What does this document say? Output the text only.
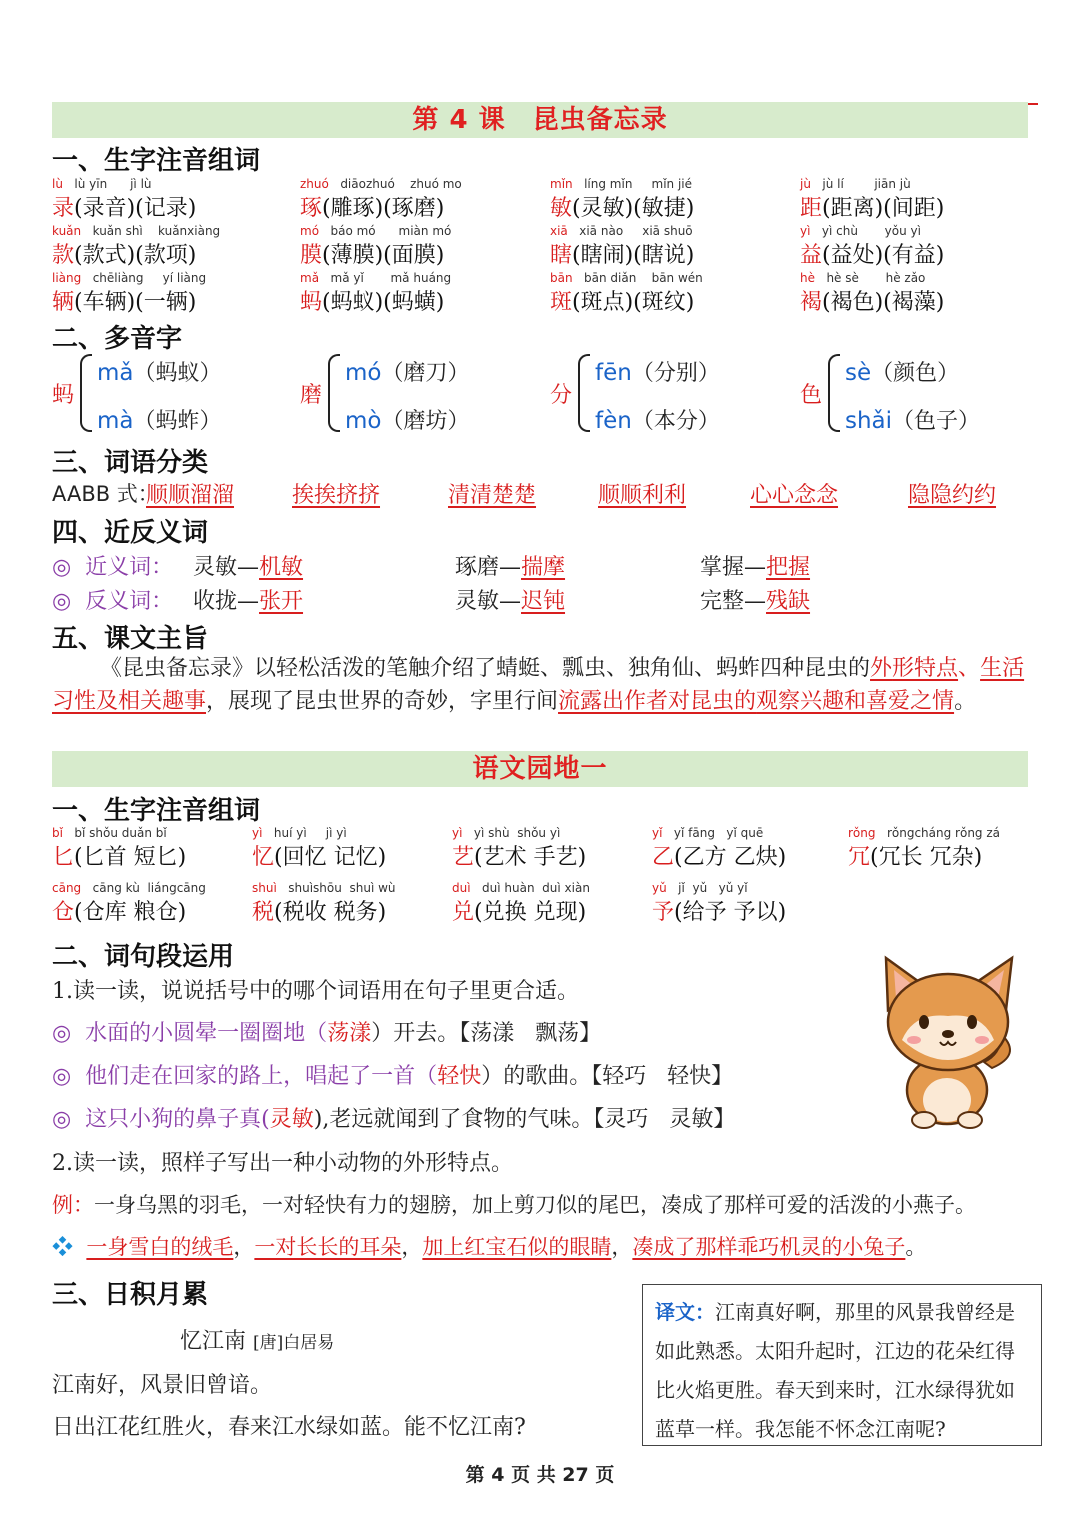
第 4 课　昆虫备忘录
一、生字注音组词
lù lù yīn      jì lù
录(录音)(记录)
zhuó diāozhuó    zhuó mo
琢(雕琢)(琢磨)
mǐn líng mǐn     mǐn jié
敏(灵敏)(敏捷)
jù jù lí        jiān jù
距(距离)(间距)
kuǎn kuǎn shì    kuǎnxiàng
款(款式)(款项)
mó báo mó      miàn mó
膜(薄膜)(面膜)
xiā xiā nào     xiā shuō
瞎(瞎闹)(瞎说)
yì yì chù       yǒu yì
益(益处)(有益)
liàng chēliàng     yí liàng
辆(车辆)(一辆)
mǎ mǎ yǐ       mǎ huáng
蚂(蚂蚁)(蚂蟥)
bān bān diǎn    bān wén
斑(斑点)(斑纹)
hè hè sè       hè zǎo
褐(褐色)(褐藻)
二、多音字
蚂
mǎ（蚂蚁）
mà（蚂蚱）
磨
mó（磨刀）
mò（磨坊）
分
fēn（分别）
fèn（本分）
色
sè（颜色）
shǎi（色子）
三、词语分类
AABB 式：
顺顺溜溜	挨挨挤挤	清清楚楚	顺顺利利	心心念念	隐隐约约
四、近反义词
◎  近义词：
◎  反义词：
灵敏—机敏	琢磨—揣摩	掌握—把握
收拢—张开	灵敏—迟钝	完整—残缺
五、课文主旨
《昆虫备忘录》以轻松活泼的笔触介绍了蜻蜓、瓢虫、独角仙、蚂蚱四种昆虫的外形特点、生活习性及相关趣事，展现了昆虫世界的奇妙，字里行间流露出作者对昆虫的观察兴趣和喜爱之情。
语文园地一
一、生字注音组词
bǐ bǐ shǒu duǎn bǐ
匕(匕首 短匕)
yì huí yì     jì yì
忆(回忆 记忆)
yì yì shù  shǒu yì
艺(艺术 手艺)
yǐ yǐ fāng   yǐ quē
乙(乙方 乙炔)
rǒng rǒngcháng rǒng zá
冗(冗长 冗杂)
cāng cāng kù  liángcāng
仓(仓库 粮仓)
shuì shuìshōu  shuì wù
税(税收 税务)
duì duì huàn  duì xiàn
兑(兑换 兑现)
yǔ jǐ  yǔ   yǔ yǐ
予(给予 予以)
二、词句段运用
1.读一读，说说括号中的哪个词语用在句子里更合适。
◎  水面的小圆晕一圈圈地（荡漾）开去。【荡漾   飘荡】
◎  他们走在回家的路上，唱起了一首（轻快）的歌曲。【轻巧   轻快】
◎  这只小狗的鼻子真(灵敏),老远就闻到了食物的气味。【灵巧   灵敏】
2.读一读，照样子写出一种小动物的外形特点。
例：一身乌黑的羽毛，一对轻快有力的翅膀，加上剪刀似的尾巴，凑成了那样可爱的活泼的小燕子。
❖  一身雪白的绒毛，一对长长的耳朵，加上红宝石似的眼睛，凑成了那样乖巧机灵的小兔子。
三、日积月累
忆江南 [唐]白居易
江南好，风景旧曾谙。
日出江花红胜火，春来江水绿如蓝。能不忆江南?
译文：江南真好啊，那里的风景我曾经是如此熟悉。太阳升起时，江边的花朵红得比火焰更胜。春天到来时，江水绿得犹如蓝草一样。我怎能不怀念江南呢?
第 4 页 共 27 页
